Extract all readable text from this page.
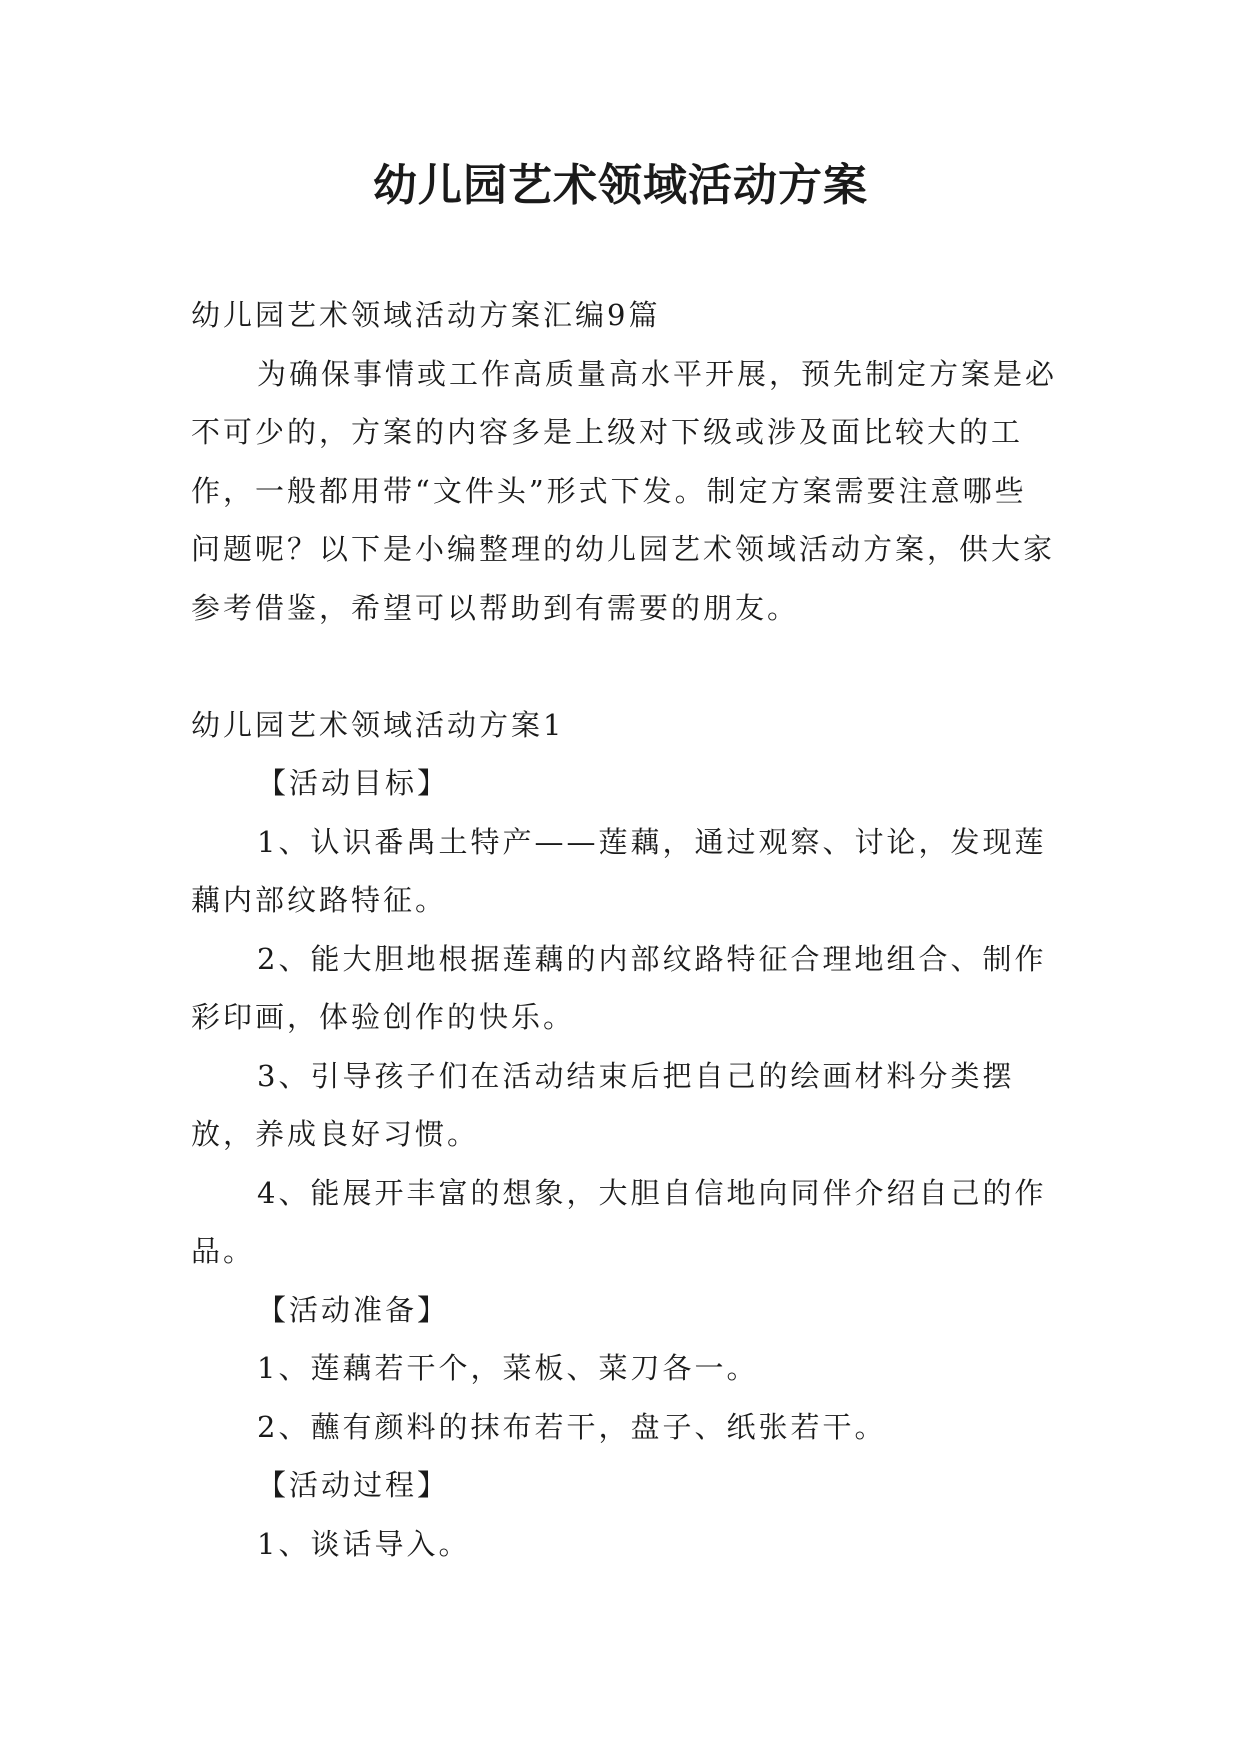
幼儿园艺术领域活动方案

幼儿园艺术领域活动方案汇编9篇

为确保事情或工作高质量高水平开展，预先制定方案是必不可少的，方案的内容多是上级对下级或涉及面比较大的工作，一般都用带“文件头”形式下发。制定方案需要注意哪些问题呢？以下是小编整理的幼儿园艺术领域活动方案，供大家参考借鉴，希望可以帮助到有需要的朋友。

幼儿园艺术领域活动方案1

【活动目标】

1、认识番禺土特产——莲藕，通过观察、讨论，发现莲藕内部纹路特征。

2、能大胆地根据莲藕的内部纹路特征合理地组合、制作彩印画，体验创作的快乐。

3、引导孩子们在活动结束后把自己的绘画材料分类摆放，养成良好习惯。

4、能展开丰富的想象，大胆自信地向同伴介绍自己的作品。

【活动准备】

1、莲藕若干个，菜板、菜刀各一。

2、蘸有颜料的抹布若干，盘子、纸张若干。

【活动过程】

1、谈话导入。
